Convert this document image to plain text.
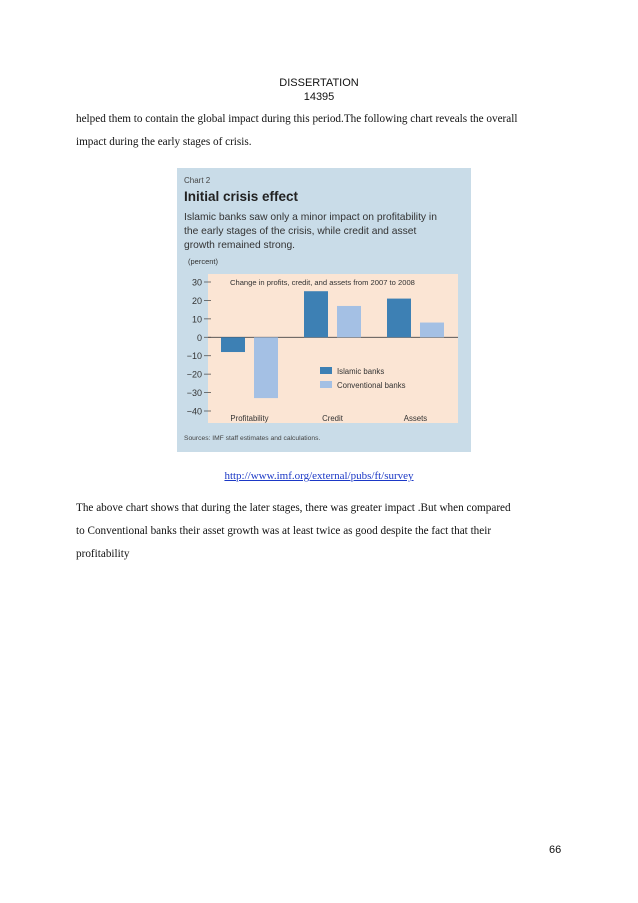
DISSERTATION
14395
helped them to contain the global impact during this period.The following chart reveals the overall
impact during the early stages of crisis.
Chart 2
Initial crisis effect
Islamic banks saw only a minor impact on profitability in
the early stages of the crisis, while credit and asset
growth remained strong.
(percent)
Change in profits, credit, and assets from 2007 to 2008
30
20
10
0
−10
−20
−30
−40
Profitability	Credit	Assets
Islamic banks
Conventional banks
Sources: IMF staff estimates and calculations.
http://www.imf.org/external/pubs/ft/survey
The above chart shows that during the later stages, there was greater impact .But when compared
to Conventional banks their asset growth was at least twice as good despite the fact that their
profitability
66
